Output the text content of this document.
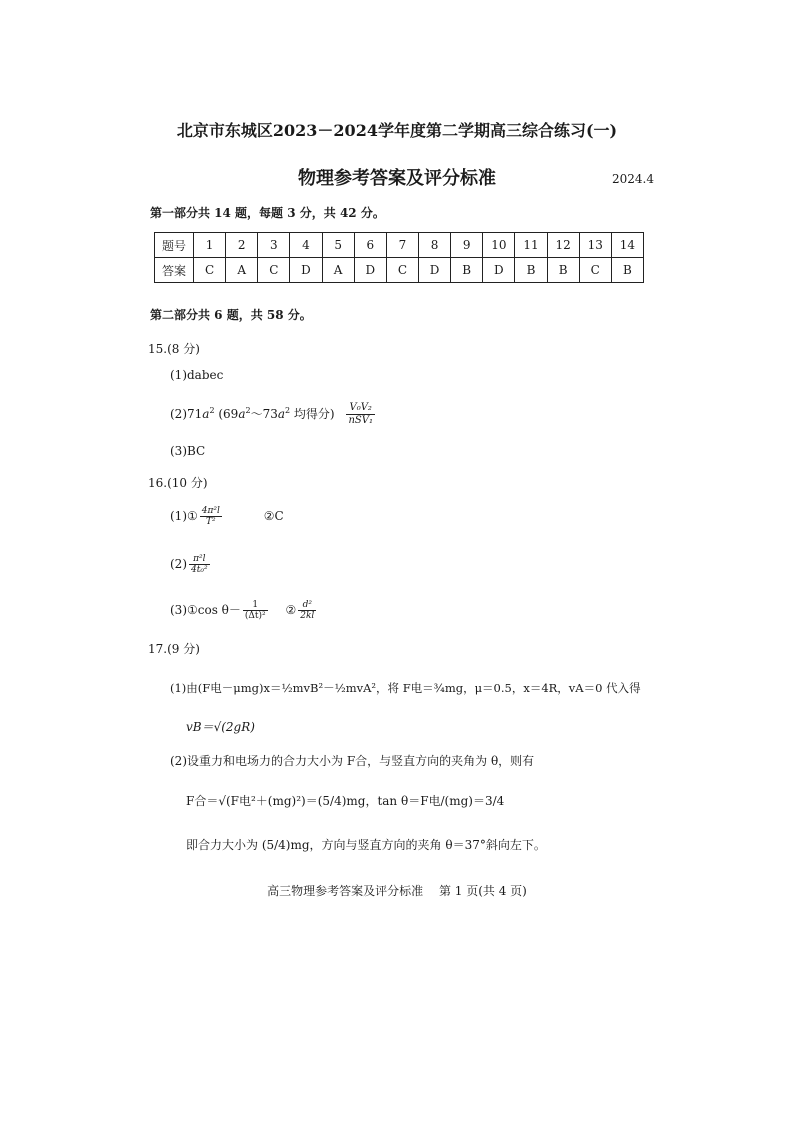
北京市东城区2023－2024学年度第二学期高三综合练习(一)
物理参考答案及评分标准	2024.4
第一部分共 14 题，每题 3 分，共 42 分。
题号	1	2	3	4	5	6	7	8	9	10	11	12	13	14
答案	C	A	C	D	A	D	C	D	B	D	B	B	C	B
第二部分共 6 题，共 58 分。
15.(8 分)
(1)dabec
$(2)71a^2$ ($69a^2\sim 73a^2$ 均得分) $\frac{\text{V₀V₂}}{\text{nSV₁}}$
(3)BC
16.(10 分)
(1)① $\frac{\text{4π²l}}{\text{T²}}$	②C
$(2) \frac{\text{π²l}}{\text{4t₀²}}$
(3)①cos $\theta- \frac{1}{\text{(Δt)²}}$ ② $\frac{\text{d²}}{2kl}$
17.(9 分)
(1)由(F电－μmg)x＝½mvB²－½mvA²，将 F电＝¾mg，μ＝0.5，x＝4R，vA＝0 代入得
vB＝√(2gR)
(2)设重力和电场力的合力大小为 F合，与竖直方向的夹角为 θ，则有
F合＝√(F电²＋(mg)²)＝(5/4)mg，tan θ＝F电/(mg)＝3/4
即合力大小为 (5/4)mg，方向与竖直方向的夹角 θ＝37°斜向左下。
高三物理参考答案及评分标准　 第 1 页(共 4 页)
